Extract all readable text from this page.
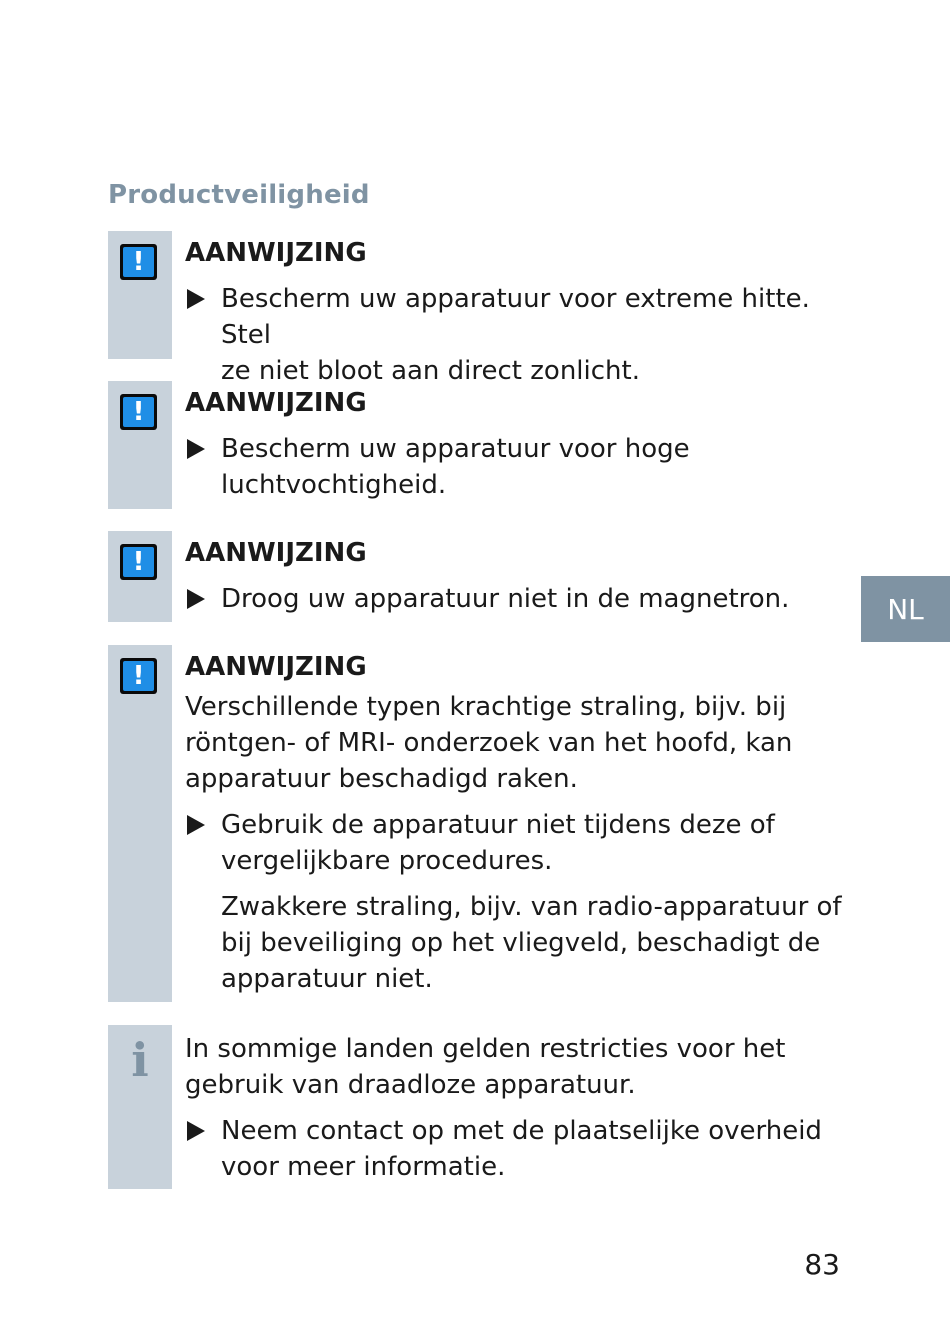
Productveiligheid
!	AANWIJZING
Bescherm uw apparatuur voor extreme hitte. Stel
ze niet bloot aan direct zonlicht.
!	AANWIJZING
Bescherm uw apparatuur voor hoge
luchtvochtigheid.
!	AANWIJZING
Droog uw apparatuur niet in de magnetron.
!	AANWIJZING
Verschillende typen krachtige straling, bijv. bij
röntgen- of MRI- onderzoek van het hoofd, kan
apparatuur beschadigd raken.
Gebruik de apparatuur niet tijdens deze of
vergelijkbare procedures.
Zwakkere straling, bijv. van radio-apparatuur of
bij beveiliging op het vliegveld, beschadigt de
apparatuur niet.
i In sommige landen gelden restricties voor het
gebruik van draadloze apparatuur.
Neem contact op met de plaatselijke overheid
voor meer informatie.
NL
83
